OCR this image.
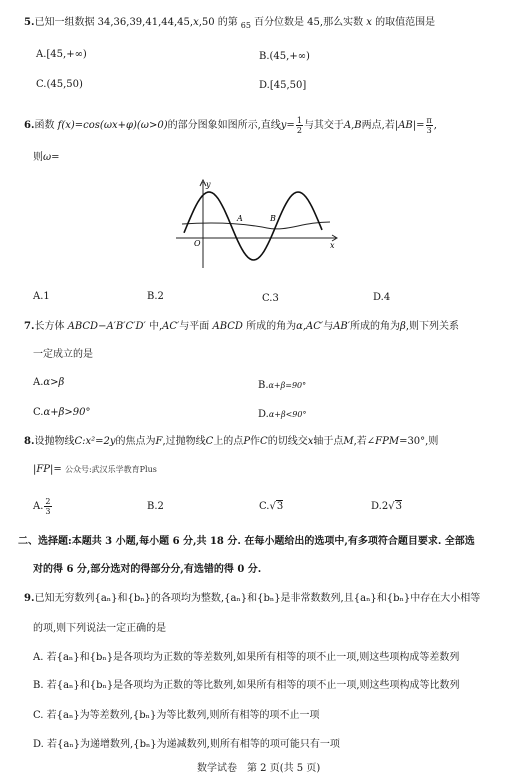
5.已知一组数据 34,36,39,41,44,45,x,50 的第 $_{65}$ 百分位数是 45,那么实数 x 的取值范围是
A.[45,+∞)	B.(45,+∞)
C.(45,50)	D.[45,50]
6.函数 f(x)=cos(ωx+φ)(ω>0)的部分图象如图所示,直线$y= \frac{1}{2}$ 与其交于A,B两点,若$|AB|= \frac{\pi}{3}$ ,
则ω=
y
x
O
A	B
A.1	B.2	C.3	D.4
7.长方体 ABCD−A′B′C′D′ 中,AC′与平面 ABCD 所成的角为α,AC′与AB′所成的角为β,则下列关系
一定成立的是
A.α>β	B.α+β=90°
C.α+β>90°	D.α+β<90°
8.设抛物线C:x²=2y的焦点为F,过抛物线C上的点P作C的切线交x轴于点M,若∠FPM=30°,则
|FP|= 公众号:武汉乐学教育Plus
A. $\frac{2}{3}$	B.2	C.√3	D.2√3
二、选择题:本题共 3 小题,每小题 6 分,共 18 分. 在每小题给出的选项中,有多项符合题目要求. 全部选
对的得 6 分,部分选对的得部分分,有选错的得 0 分.
9.已知无穷数列{aₙ}和{bₙ}的各项均为整数,{aₙ}和{bₙ}是非常数数列,且{aₙ}和{bₙ}中存在大小相等
的项,则下列说法一定正确的是
A. 若{aₙ}和{bₙ}是各项均为正数的等差数列,如果所有相等的项不止一项,则这些项构成等差数列
B. 若{aₙ}和{bₙ}是各项均为正数的等比数列,如果所有相等的项不止一项,则这些项构成等比数列
C. 若{aₙ}为等差数列,{bₙ}为等比数列,则所有相等的项不止一项
D. 若{aₙ}为递增数列,{bₙ}为递减数列,则所有相等的项可能只有一项
数学试卷　第 2 页(共 5 页)
